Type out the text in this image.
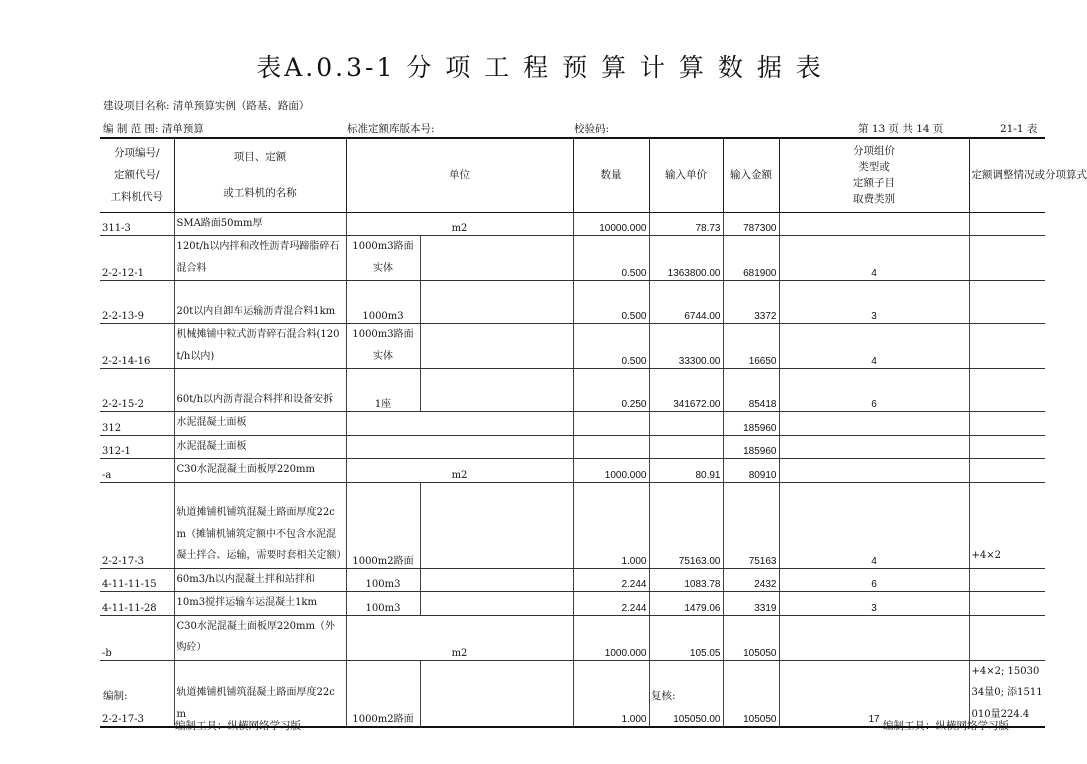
表A.0.3-1 分 项 工 程 预 算 计 算 数 据 表
建设项目名称: 清单预算实例（路基、路面）
编 制 范 围: 清单预算	标准定额库版本号:	校验码:	第 13 页 共 14 页	21-1 表
分项编号/
定额代号/
工料机代号	项目、定额
或工料机的名称	单位		数量	输入单价	输入金额	分项组价
类型或
定额子目
取费类别	定额调整情况或分项算式
311-3	SMA路面50mm厚	m2		10000.000	78.73	787300		
2-2-12-1	120t/h以内拌和改性沥青玛蹄脂碎石混合料	1000m3路面实体		0.500	1363800.00	681900	4	
2-2-13-9	20t以内自卸车运输沥青混合料1km	1000m3		0.500	6744.00	3372	3	
2-2-14-16	机械摊铺中粒式沥青碎石混合料(120t/h以内)	1000m3路面实体		0.500	33300.00	16650	4	
2-2-15-2	60t/h以内沥青混合料拌和设备安拆	1座		0.250	341672.00	85418	6	
312	水泥混凝土面板					185960		
312-1	水泥混凝土面板					185960		
-a	C30水泥混凝土面板厚220mm	m2		1000.000	80.91	80910		
2-2-17-3	轨道摊铺机铺筑混凝土路面厚度22cm（摊铺机铺筑定额中不包含水泥混凝土拌合、运输，需要时套相关定额）	1000m2路面		1.000	75163.00	75163	4	+4×2
4-11-11-15	60m3/h以内混凝土拌和站拌和	100m3		2.244	1083.78	2432	6	
4-11-11-28	10m3搅拌运输车运混凝土1km	100m3		2.244	1479.06	3319	3	
-b	C30水泥混凝土面板厚220mm（外购砼）	m2		1000.000	105.05	105050		
2-2-17-3	轨道摊铺机铺筑混凝土路面厚度22cm	1000m2路面		1.000	105050.00	105050	17	+4×2; 1503034量0; 添1511010量224.4
编制:	复核:
编制工具：纵横网络学习版	编制工具：纵横网络学习版
